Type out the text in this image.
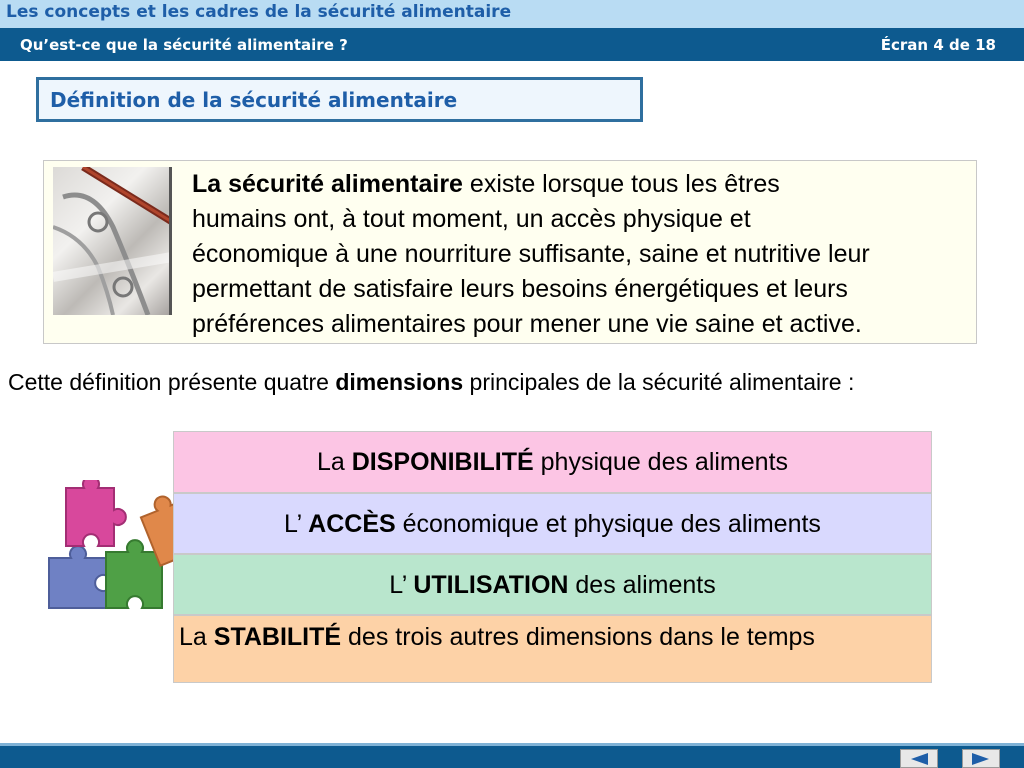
Les concepts et les cadres de la sécurité alimentaire
Qu’est-ce que la sécurité alimentaire ?	Écran 4 de 18
Définition de la sécurité alimentaire
La sécurité alimentaire existe lorsque tous les êtres
humains ont, à tout moment, un accès physique et
économique à une nourriture suffisante, saine et nutritive leur
permettant de satisfaire leurs besoins énergétiques et leurs
préférences alimentaires pour mener une vie saine et active.
Cette définition présente quatre dimensions principales de la sécurité alimentaire :
La DISPONIBILITÉ physique des aliments
L’ ACCÈS économique et physique des aliments
L’ UTILISATION des aliments
La STABILITÉ des trois autres dimensions dans le temps
